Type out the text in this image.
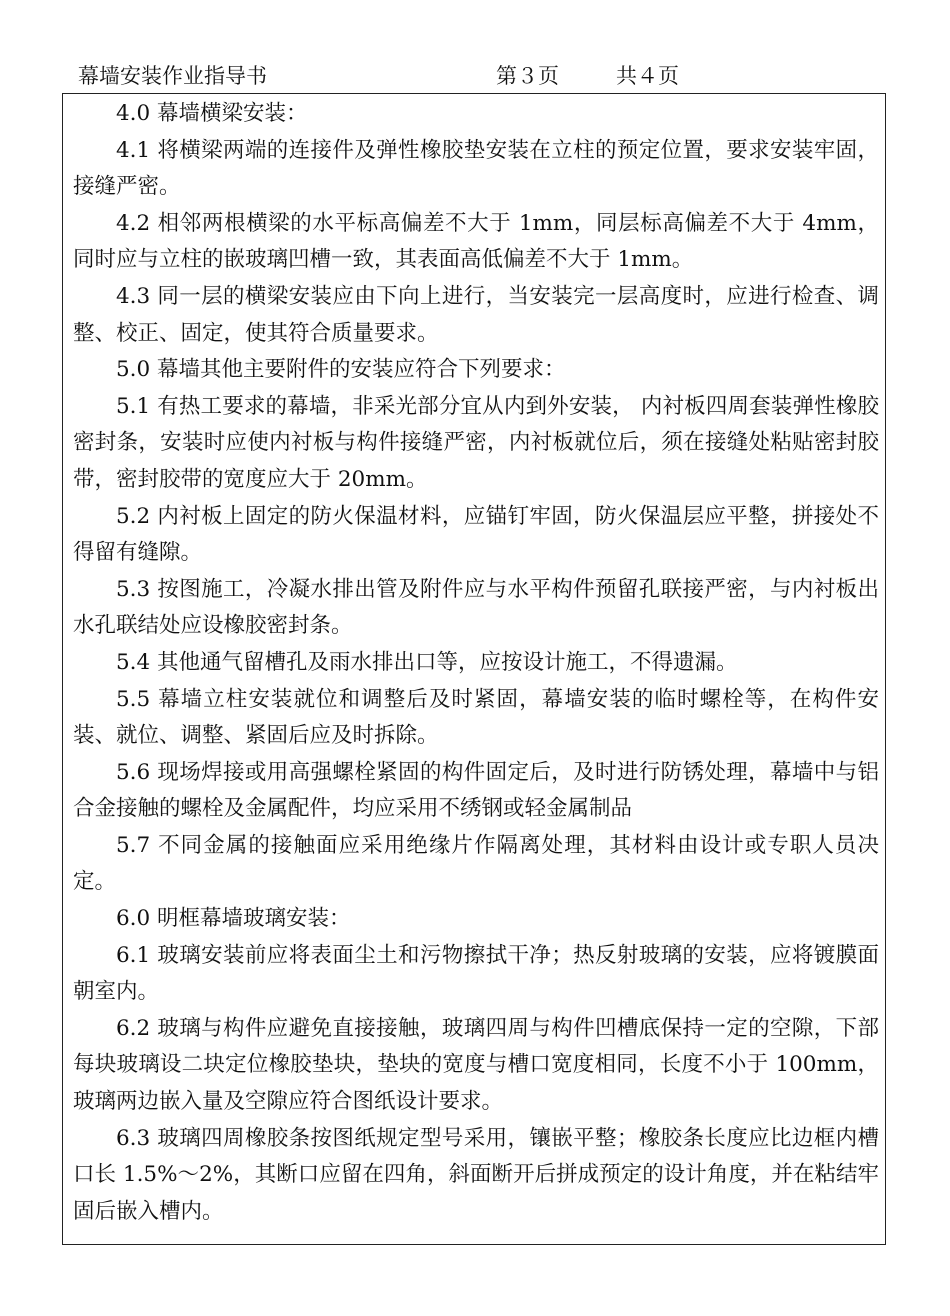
幕墙安装作业指导书	第３页	共４页

4.0 幕墙横梁安装：

4.1 将横梁两端的连接件及弹性橡胶垫安装在立柱的预定位置，要求安装牢固，接缝严密。

4.2 相邻两根横梁的水平标高偏差不大于 1mm，同层标高偏差不大于 4mm，同时应与立柱的嵌玻璃凹槽一致，其表面高低偏差不大于 1mm。

4.3 同一层的横梁安装应由下向上进行，当安装完一层高度时，应进行检查、调整、校正、固定，使其符合质量要求。

5.0 幕墙其他主要附件的安装应符合下列要求：

5.1 有热工要求的幕墙，非采光部分宜从内到外安装， 内衬板四周套装弹性橡胶密封条，安装时应使内衬板与构件接缝严密，内衬板就位后，须在接缝处粘贴密封胶带，密封胶带的宽度应大于 20mm。

5.2 内衬板上固定的防火保温材料，应锚钉牢固，防火保温层应平整，拼接处不得留有缝隙。

5.3 按图施工，冷凝水排出管及附件应与水平构件预留孔联接严密，与内衬板出水孔联结处应设橡胶密封条。

5.4 其他通气留槽孔及雨水排出口等，应按设计施工，不得遗漏。

5.5 幕墙立柱安装就位和调整后及时紧固，幕墙安装的临时螺栓等，在构件安装、就位、调整、紧固后应及时拆除。

5.6 现场焊接或用高强螺栓紧固的构件固定后，及时进行防锈处理，幕墙中与铝合金接触的螺栓及金属配件，均应采用不绣钢或轻金属制品

5.7 不同金属的接触面应采用绝缘片作隔离处理，其材料由设计或专职人员决定。

6.0 明框幕墙玻璃安装：

6.1 玻璃安装前应将表面尘土和污物擦拭干净；热反射玻璃的安装，应将镀膜面朝室内。

6.2 玻璃与构件应避免直接接触，玻璃四周与构件凹槽底保持一定的空隙，下部每块玻璃设二块定位橡胶垫块，垫块的宽度与槽口宽度相同，长度不小于 100mm，玻璃两边嵌入量及空隙应符合图纸设计要求。

6.3 玻璃四周橡胶条按图纸规定型号采用，镶嵌平整；橡胶条长度应比边框内槽口长 1.5%～2%，其断口应留在四角，斜面断开后拼成预定的设计角度，并在粘结牢固后嵌入槽内。
